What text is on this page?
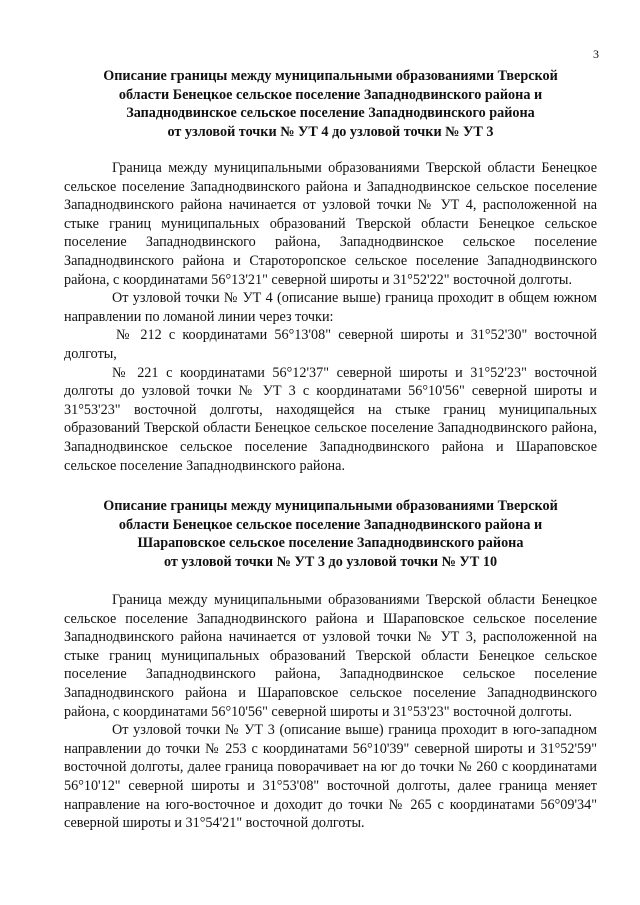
3

Описание границы между муниципальными образованиями Тверской
области Бенецкое сельское поселение Западнодвинского района и
Западнодвинское сельское поселение Западнодвинского района
от узловой точки № УТ 4 до узловой точки № УТ 3

Граница между муниципальными образованиями Тверской области Бенецкое сельское поселение Западнодвинского района и Западнодвинское сельское поселение Западнодвинского района начинается от узловой точки № УТ 4, расположенной на стыке границ муниципальных образований Тверской области Бенецкое сельское поселение Западнодвинского района, Западнодвинское сельское поселение Западнодвинского района и Староторопское сельское поселение Западнодвинского района, с координатами 56°13'21" северной широты и 31°52'22" восточной долготы.

От узловой точки № УТ 4 (описание выше) граница проходит в общем южном направлении по ломаной линии через точки:

№ 212 с координатами 56°13'08" северной широты и 31°52'30" восточной долготы,

№ 221 с координатами 56°12'37" северной широты и 31°52'23" восточной долготы до узловой точки № УТ 3 с координатами 56°10'56" северной широты и 31°53'23" восточной долготы, находящейся на стыке границ муниципальных образований Тверской области Бенецкое сельское поселение Западнодвинского района, Западнодвинское сельское поселение Западнодвинского района и Шараповское сельское поселение Западнодвинского района.

Описание границы между муниципальными образованиями Тверской
области Бенецкое сельское поселение Западнодвинского района и
Шараповское сельское поселение Западнодвинского района
от узловой точки № УТ 3 до узловой точки № УТ 10

Граница между муниципальными образованиями Тверской области Бенецкое сельское поселение Западнодвинского района и Шараповское сельское поселение Западнодвинского района начинается от узловой точки № УТ 3, расположенной на стыке границ муниципальных образований Тверской области Бенецкое сельское поселение Западнодвинского района, Западнодвинское сельское поселение Западнодвинского района и Шараповское сельское поселение Западнодвинского района, с координатами 56°10'56" северной широты и 31°53'23" восточной долготы.

От узловой точки № УТ 3 (описание выше) граница проходит в юго-западном направлении до точки № 253 с координатами 56°10'39" северной широты и 31°52'59" восточной долготы, далее граница поворачивает на юг до точки № 260 с координатами 56°10'12" северной широты и 31°53'08" восточной долготы, далее граница меняет направление на юго-восточное и доходит до точки № 265 с координатами 56°09'34" северной широты и 31°54'21" восточной долготы.
